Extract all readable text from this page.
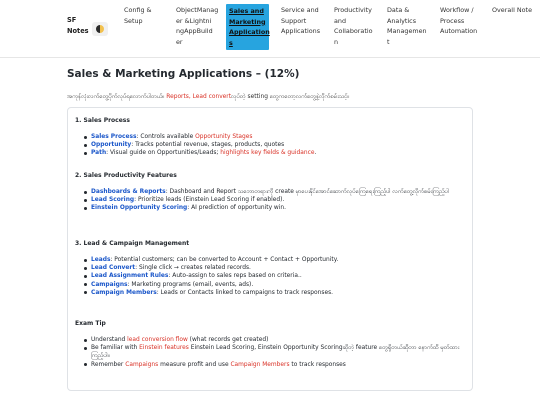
SF
Notes
Config &
Setup
ObjectManag
er &Lightni
ngAppBuild
er
Sales and
Marketing
Application
s
Service and
Support
Applications
Productivity
and
Collaboratio
n
Data &
Analytics
Managemen
t
Workflow /
Process
Automation
Overall Note
Sales & Marketing Applications – (12%)
အကုန်လုံးလက်တွေ့ပိုက်လုပ်ရလောက်ပါတယ်။ Reports, Lead convertလုပ်တဲ့ setting တွေကတော့လက်တွေ့နဲ့လိုက်စမ်းသင့်။
1. Sales Process
Sales Process: Controls available Opportunity Stages
Opportunity: Tracks potential revenue, stages, products, quotes
Path: Visual guide on Opportunities/Leads; highlights key fields & guidance.
2. Sales Productivity Features
Dashboards & Reports: Dashboard and Report သဘောတရားကို create မှာပေးနိုင်အောင်ဆောက်လုပ်ကြေရေးကြည့်ပါ လက်တွေ့လိုက်စမ်းကြည့်ပါ
Lead Scoring: Prioritize leads (Einstein Lead Scoring if enabled).
Einstein Opportunity Scoring: AI prediction of opportunity win.
3. Lead & Campaign Management
Leads: Potential customers; can be converted to Account + Contact + Opportunity.
Lead Convert: Single click → creates related records.
Lead Assignment Rules: Auto-assign to sales reps based on criteria..
Campaigns: Marketing programs (email, events, ads).
Campaign Members: Leads or Contacts linked to campaigns to track responses.
Exam Tip
Understand lead conversion flow (what records get created)
Be familiar with Einstein features Einstein Lead Scoring, Einstein Opportunity Scoringဆိုတဲ့ feature တွေရှိတယ်ဆိုတာ နောက်ထိ မှတ်ထားကြည့်ပါ။
Remember Campaigns measure profit and use Campaign Members to track responses
